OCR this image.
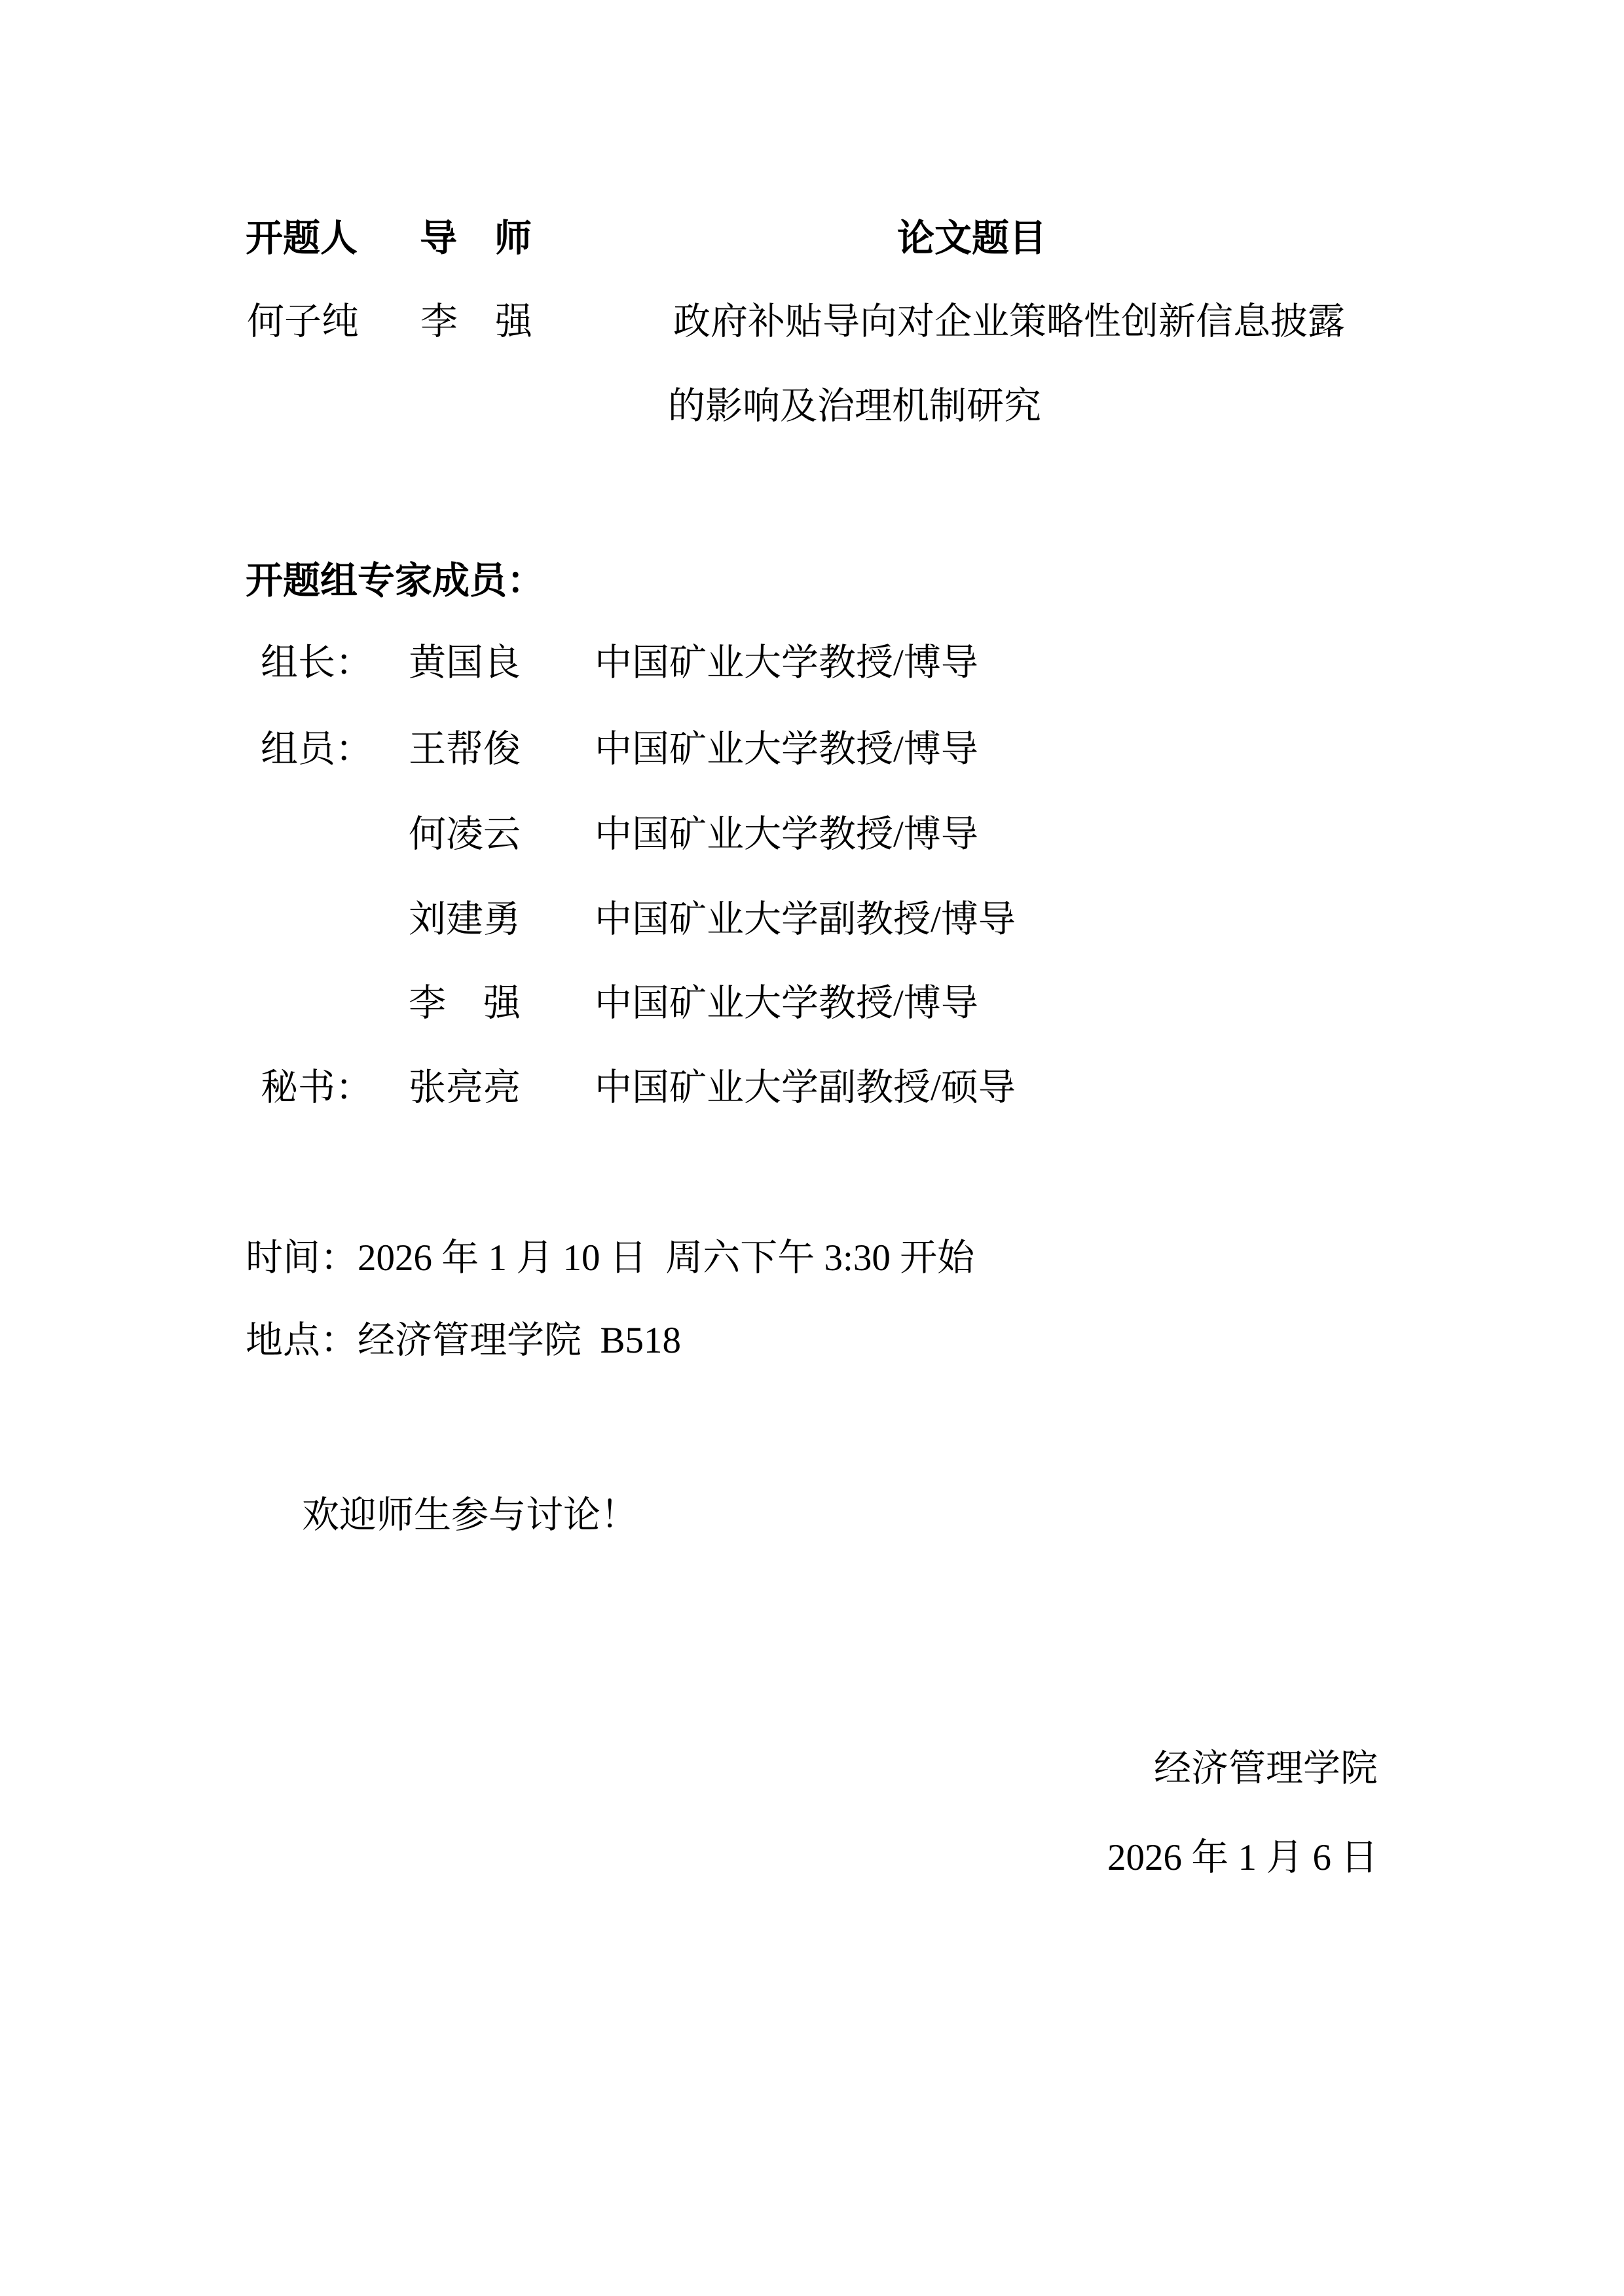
开题人 导　师	论文题目
何子纯 李　强	政府补贴导向对企业策略性创新信息披露
的影响及治理机制研究
开题组专家成员：
组长： 黄国良 中国矿业大学教授/博导
组员： 王帮俊 中国矿业大学教授/博导
何凌云 中国矿业大学教授/博导
刘建勇 中国矿业大学副教授/博导
李　强 中国矿业大学教授/博导
秘书： 张亮亮 中国矿业大学副教授/硕导
时间：2026 年 1 月 10 日  周六下午 3:30 开始
地点：经济管理学院  B518
欢迎师生参与讨论！
经济管理学院
2026 年 1 月 6 日
